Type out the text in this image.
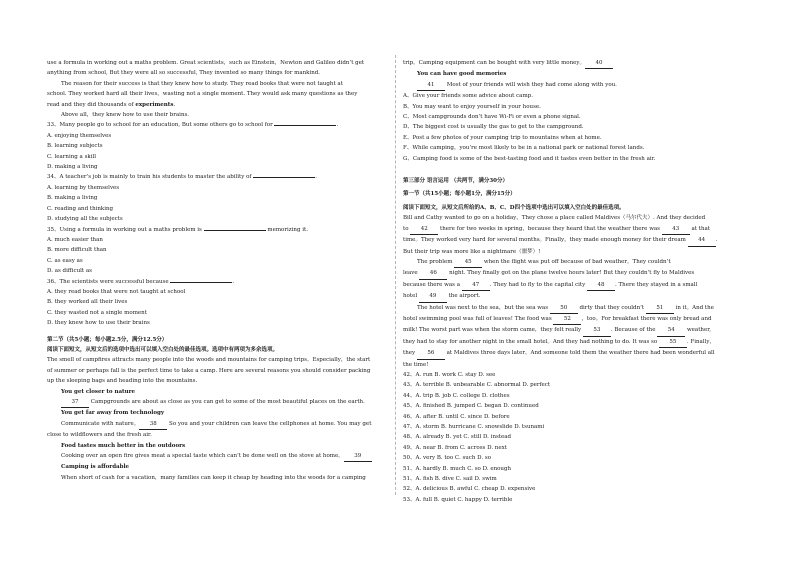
use a formula in working out a maths problem. Great scientists，such as Einstein，Newton and Galileo didn’t get
anything from school, But they were all so successful, They invented so many things for mankind.
The reason for their success is that they knew how to study. They read books that were not taught at
school. They worked hard all their lives，wasting not a single moment. They would ask many questions as they
read and they did thousands of experiments.
Above all，they knew how to use their brains.
33、Many people go to school for an education, But some others go to school for	.
A. enjoying themselves
B. learning subjects
C. learning a skill
D. making a living
34、A teacher’s job is mainly to train his students to master the ability of	.
A. learning by themselves
B. making a living
C. reading and thinking
D. studying all the subjects
35、Using a formula in working out a maths problem is	memorizing it.
A. much easier than
B. more difficult than
C. as easy as
D. as difficult as
36、The scientists were successful because	.
A. they read books that were not taught at school
B. they worked all their lives
C. they wasted not a single moment
D. they knew how to use their brains
第二节（共5小题；每小题2.5分，满分12.5分）
阅读下面短文，从短文后的选项中选出可以填入空白处的最佳选项。选项中有两项为多余选项。
The smell of campfires attracts many people into the woods and mountains for camping trips。Especially，the start
of summer or perhaps fall is the perfect time to take a camp. Here are several reasons you should consider packing
up the sleeping bags and heading into the mountains.
You get closer to nature
37 Campgrounds are about as close as you can get to some of the most beautiful places on the earth.
You get far away from technology
Communicate with nature。 38 So you and your children can leave the cellphones at home. You may get
close to wildflowers and the fresh air.
Food tastes much better in the outdoors
Cooking over an open fire gives meat a special taste which can’t be done well on the stove at home。 39
Camping is affordable
When short of cash for a vacation，many families can keep it cheap by heading into the woods for a camping
trip。Camping equipment can be bought with very little money。 40
You can have good memories
41 Most of your friends will wish they had come along with you.
A、Give your friends some advice about camp.
B、You may want to enjoy yourself in your house.
C、Most campgrounds don’t have Wi-Fi or even a phone signal.
D、The biggest cost is usually the gas to get to the campground.
E、Post a few photos of your camping trip to mountains when at home.
F、While camping，you’re most likely to be in a national park or national forest lands.
G、Camping food is some of the best-tasting food and it tastes even better in the fresh air.
第三部分 语言运用 （共两节，满分30分）
第一节（共15小题；每小题1分，满分15分）
阅读下面短文，从短文后所给的A、B、C、D四个选项中选出可以填入空白处的最佳选项。
Bill and Cathy wanted to go on a holiday，They chose a place called Maldives（马尔代夫）. And they decided
to 42 there for two weeks in spring，because they heard that the weather there was 43 at that
time。They worked very hard for several months。Finally，they made enough money for their dream 44 .
But their trip was more like a nightmare（噩梦）!
The problem 45 when the flight was put off because of bad weather。They couldn’t
leave 46 night. They finally got on the plane twelve hours later! But they couldn’t fly to Maldives
because there was a 47 . They had to fly to the capital city 48 . There they stayed in a small
hotel 49 the airport.
The hotel was next to the sea，but the sea was 50 dirty that they couldn’t 51 in it。And the
hotel swimming pool was full of leaves! The food was 52 ，too。For breakfast there was only bread and
milk! The worst part was when the storm came，they felt really 53 . Because of the 54 weather,
they had to stay for another night in the small hotel。And they had nothing to do. It was so 55 . Finally，
they 56 at Maldives three days later。And someone told them the weather there had been wonderful all
the time!
42、A. run B. work C. stay D. see
43、A. terrible B. unbearable C. abnormal D. perfect
44、A. trip B. job C. college D. clothes
45、A. finished B. jumped C. began D. continued
46、A. after B. until C. since D. before
47、A. storm B. hurricane C. snowslide D. tsunami
48、A. already B. yet C. still D. instead
49、A. near B. from C. across D. next
50、A. very B. too C. such D. so
51、A. hardly B. much C. so D. enough
51、A. fish B. dive C. sail D. swim
52、A. delicious B. awful C. cheap D. expensive
53、A. full B. quiet C. happy D. terrible
